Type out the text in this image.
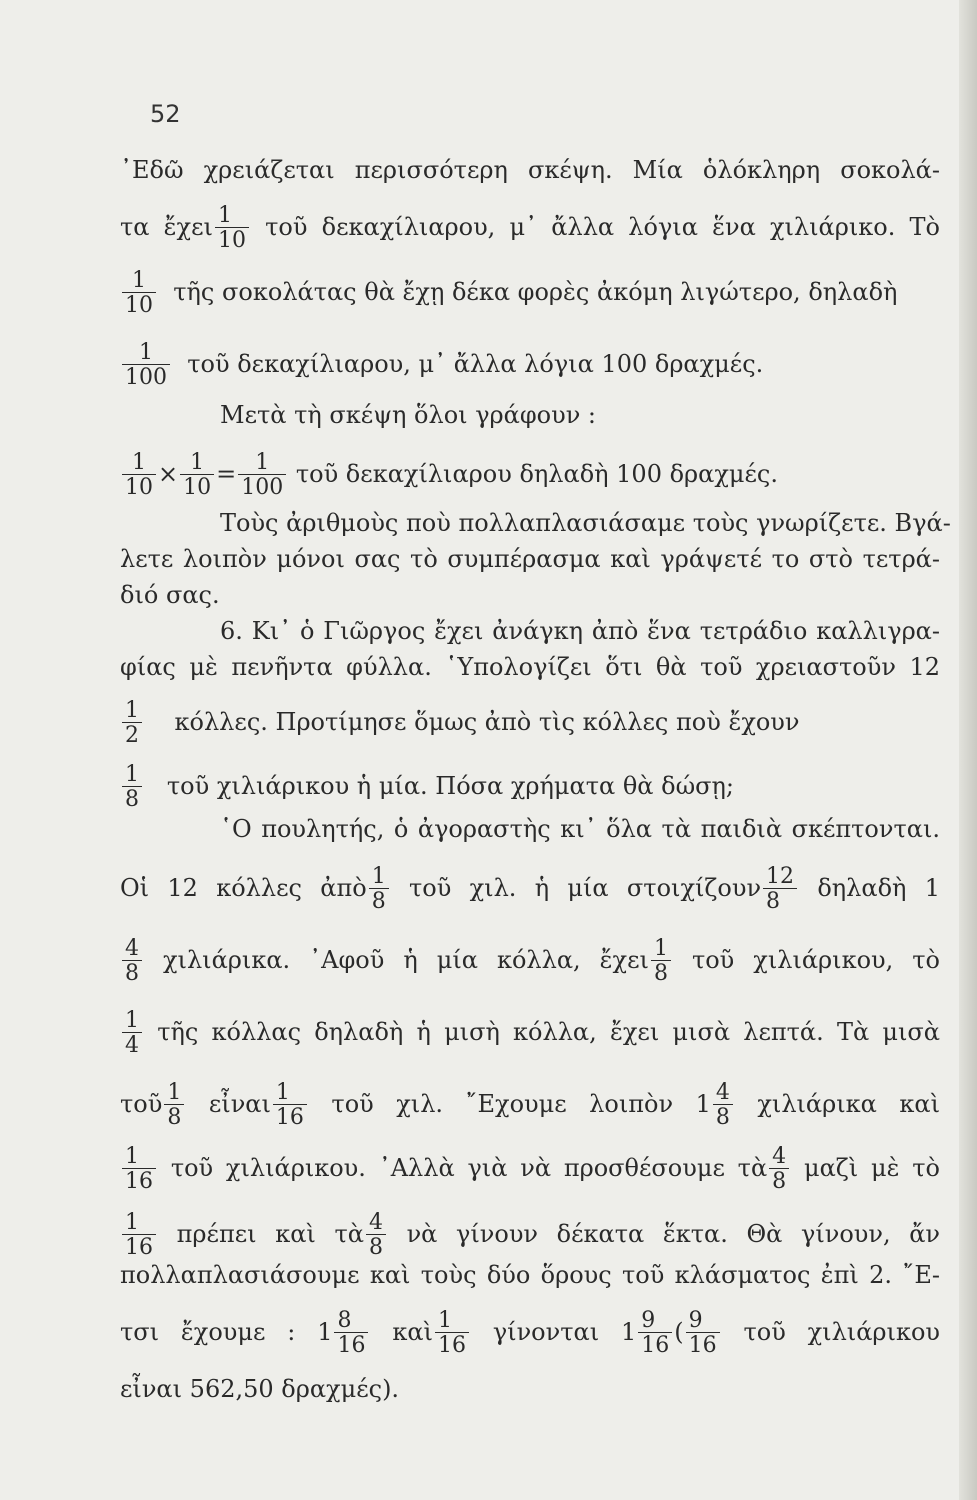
52
᾿Εδῶ χρειάζεται περισσότερη σκέψη. Μία ὁλόκληρη σοκολά-
τα ἔχει $\frac{1}{10}$ τοῦ δεκαχίλιαρου, μ᾿ ἄλλα λόγια ἕνα χιλιάρικο. Τὸ
$\frac{1}{10}$ τῆς σοκολάτας θὰ ἔχῃ δέκα φορὲς ἀκόμη λιγώτερο, δηλαδὴ
$\frac{1}{100}$ τοῦ δεκαχίλιαρου, μ᾿ ἄλλα λόγια 100 δραχμές.
Μετὰ τὴ σκέψη ὅλοι γράφουν :
$\frac{1}{10} \times \frac{1}{10} = \frac{1}{100}$ τοῦ δεκαχίλιαρου δηλαδὴ 100 δραχμές.
Τοὺς ἀριθμοὺς ποὺ πολλαπλασιάσαμε τοὺς γνωρίζετε. Βγά-
λετε λοιπὸν μόνοι σας τὸ συμπέρασμα καὶ γράψετέ το στὸ τετρά-
διό σας.
6. Κι᾿ ὁ Γιῶργος ἔχει ἀνάγκη ἀπὸ ἕνα τετράδιο καλλιγρα-
φίας μὲ πενῆντα φύλλα. ῾Υπολογίζει ὅτι θὰ τοῦ χρειαστοῦν 12
$\frac{1}{2} \kappa ό\lambda\lambda\varepsilon\varsigma$. Προτίμησε ὅμως ἀπὸ τὶς κόλλες ποὺ ἔχουν
$\frac{1}{8}$ τοῦ χιλιάρικου ἡ μία. Πόσα χρήματα θὰ δώσῃ;
῾Ο πουλητής, ὁ ἀγοραστὴς κι᾿ ὅλα τὰ παιδιὰ σκέπτονται.
Οἱ 12 κόλλες ἀπὸ $\frac{1}{8}$ τοῦ χιλ. ἡ μία στοιχίζουν $\frac{12}{8}$ δηλαδὴ 1
$\frac{4}{8} \chi\iota\lambda\iota ά\rho\iota\kappa\alpha$. ᾿Αφοῦ ἡ μία κόλλα, ἔχει $\frac{1}{8}$ τοῦ χιλιάρικου, τὸ
$\frac{1}{4}$ τῆς κόλλας δηλαδὴ ἡ μισὴ κόλλα, ἔχει μισὰ λεπτά. Τὰ μισὰ
τοῦ $\frac{1}{8}$ εἶναι $\frac{1}{16}$ τοῦ χιλ. ῎Εχουμε λοιπὸν $1 \frac{4}{8}$ χιλιάρικα καὶ
$\frac{1}{16}$ τοῦ χιλιάρικου. ᾿Αλλὰ γιὰ νὰ προσθέσουμε τὰ $\frac{4}{8}$ μαζὶ μὲ τὸ
$\frac{1}{16}$ πρέπει καὶ τὰ $\frac{4}{8}$ νὰ γίνουν δέκατα ἕκτα. Θὰ γίνουν, ἄν
πολλαπλασιάσουμε καὶ τοὺς δύο ὅρους τοῦ κλάσματος ἐπὶ 2. ῎Ε-
τσι ἔχουμε : $1 \frac{8}{16}$ καὶ $\frac{1}{16}$ γίνονται $1 \frac{9}{16}$ ( $\frac{9}{16}$ τοῦ χιλιάρικου
εἶναι 562,50 δραχμές).
